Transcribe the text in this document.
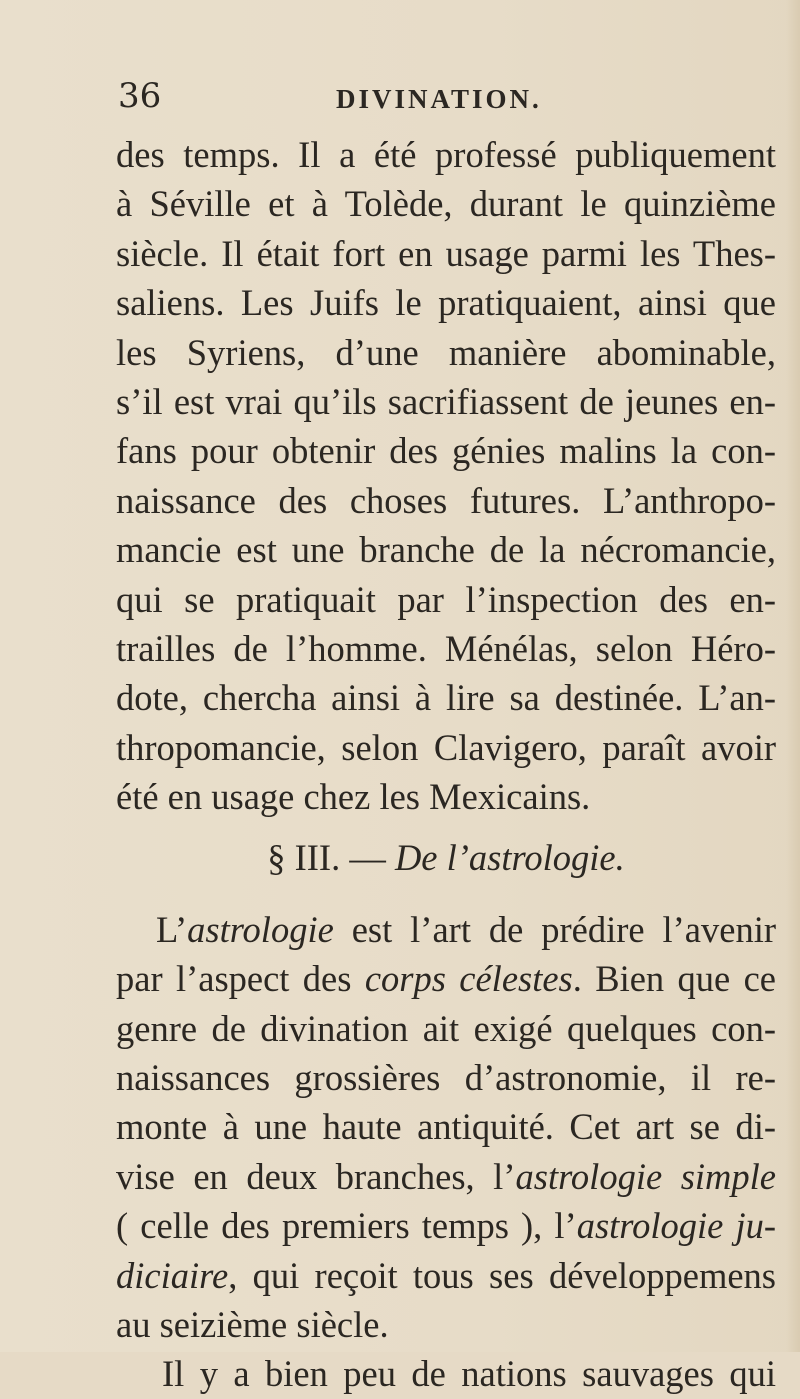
36	DIVINATION.
des temps. Il a été professé publiquement
à Séville et à Tolède, durant le quinzième
siècle. Il était fort en usage parmi les Thes-
saliens. Les Juifs le pratiquaient, ainsi que
les Syriens, d’une manière abominable,
s’il est vrai qu’ils sacrifiassent de jeunes en-
fans pour obtenir des génies malins la con-
naissance des choses futures. L’anthropo-
mancie est une branche de la nécromancie,
qui se pratiquait par l’inspection des en-
trailles de l’homme. Ménélas, selon Héro-
dote, chercha ainsi à lire sa destinée. L’an-
thropomancie, selon Clavigero, paraît avoir
été en usage chez les Mexicains.
§ III. — De l’astrologie.
L’astrologie est l’art de prédire l’avenir
par l’aspect des corps célestes. Bien que ce
genre de divination ait exigé quelques con-
naissances grossières d’astronomie, il re-
monte à une haute antiquité. Cet art se di-
vise en deux branches, l’astrologie simple
( celle des premiers temps ), l’astrologie ju-
diciaire, qui reçoit tous ses développemens
au seizième siècle.
Il y a bien peu de nations sauvages qui
